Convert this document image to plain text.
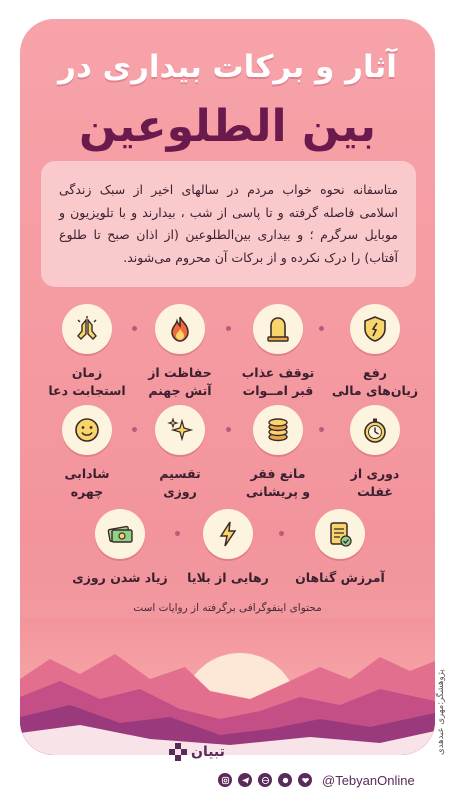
آثار و برکات بیداری در
بین الطلوعین
متاسفانه نحوه خواب مردم در سالهای اخیر از سبک زندگی اسلامی فاصله گرفته و تا پاسی از شب ، بیدارند و با تلویزیون و موبایل سرگرم ؛ و بیداری بین‌الطلوعین (از اذان صبح تا طلوع آفتاب) را درک نکرده و از برکات آن محروم می‌شوند.
رفع
زیان‌های مالی
توقف عذاب
قبر امــوات
حفاظت از
آتش جهنم
زمان
استجابت دعا
دوری از
غفلت
مانع فقر
و پریشانی
تقسیم
روزی
شادابی
چهره
آمرزش گناهان
رهایی از بلایا
زیاد شدن روزی
محتوای اینفوگرافی برگرفته از روایات است
تبیان
@TebyanOnline
پژوهشگر:مهری عبدهدی
